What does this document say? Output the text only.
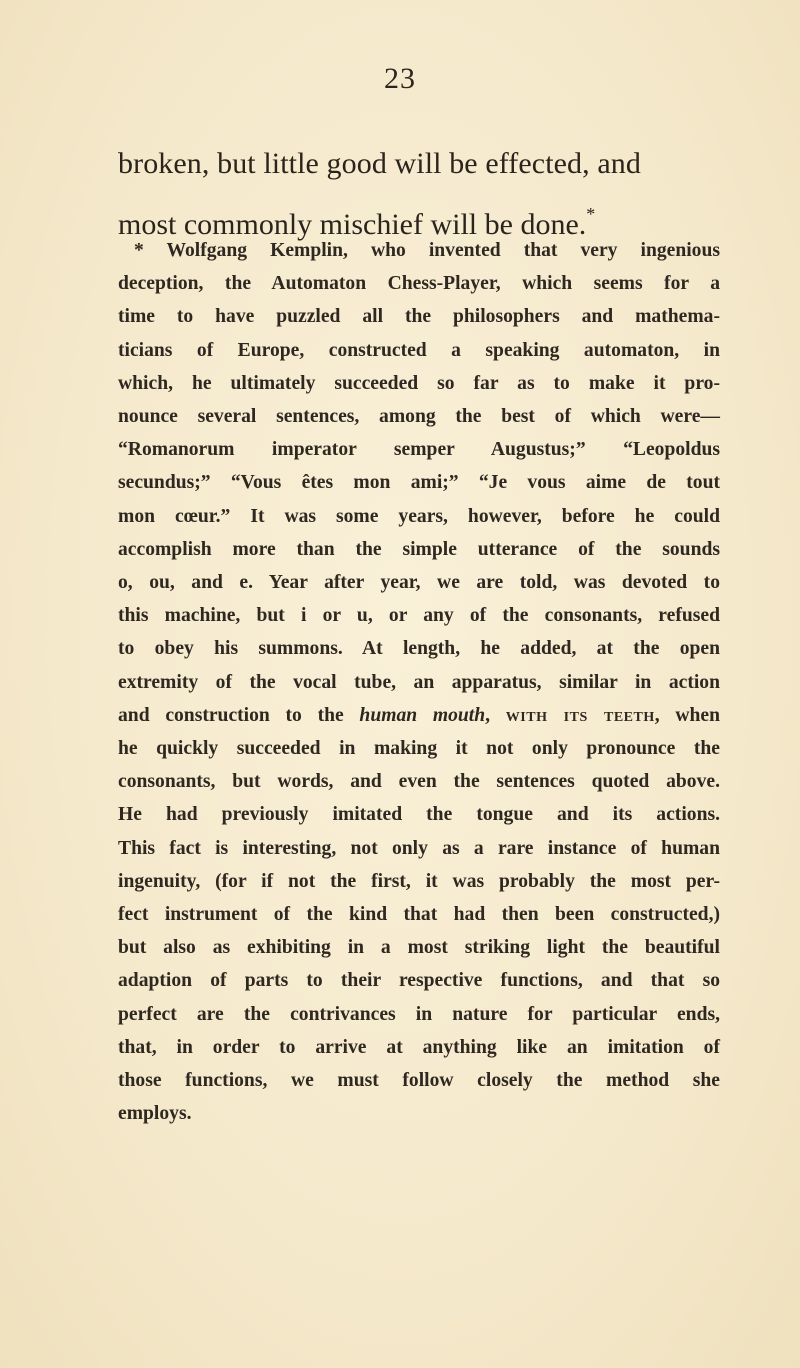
23

broken, but little good will be effected, and
most commonly mischief will be done.*

* Wolfgang Kemplin, who invented that very ingenious
deception, the Automaton Chess-Player, which seems for a
time to have puzzled all the philosophers and mathema-
ticians of Europe, constructed a speaking automaton, in
which, he ultimately succeeded so far as to make it pro-
nounce several sentences, among the best of which were—
“Romanorum imperator semper Augustus;” “Leopoldus
secundus;” “Vous êtes mon ami;” “Je vous aime de tout
mon cœur.” It was some years, however, before he could
accomplish more than the simple utterance of the sounds
o, ou, and e. Year after year, we are told, was devoted to
this machine, but i or u, or any of the consonants, refused
to obey his summons. At length, he added, at the open
extremity of the vocal tube, an apparatus, similar in action
and construction to the human mouth, with its teeth, when
he quickly succeeded in making it not only pronounce the
consonants, but words, and even the sentences quoted above.
He had previously imitated the tongue and its actions.
This fact is interesting, not only as a rare instance of human
ingenuity, (for if not the first, it was probably the most per-
fect instrument of the kind that had then been constructed,)
but also as exhibiting in a most striking light the beautiful
adaption of parts to their respective functions, and that so
perfect are the contrivances in nature for particular ends,
that, in order to arrive at anything like an imitation of
those functions, we must follow closely the method she
employs.
